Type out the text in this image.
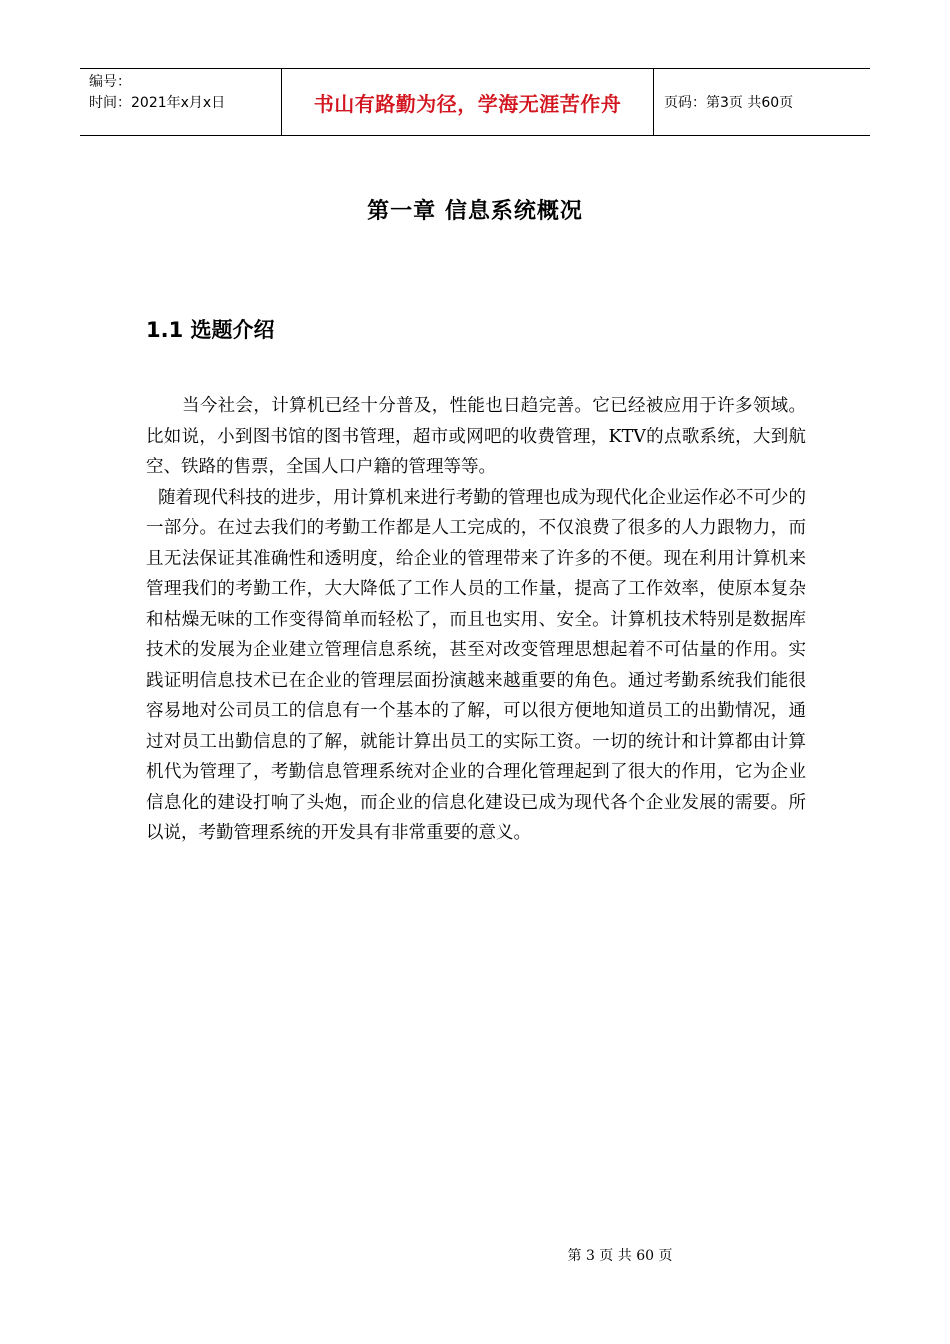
编号：
时间：2021年x月x日	书山有路勤为径，学海无涯苦作舟	页码：第3页 共60页
第一章 信息系统概况
1.1 选题介绍

当今社会，计算机已经十分普及，性能也日趋完善。它已经被应用于许多领域。比如说，小到图书馆的图书管理，超市或网吧的收费管理，KTV的点歌系统，大到航空、铁路的售票，全国人口户籍的管理等等。

随着现代科技的进步，用计算机来进行考勤的管理也成为现代化企业运作必不可少的一部分。在过去我们的考勤工作都是人工完成的，不仅浪费了很多的人力跟物力，而且无法保证其准确性和透明度，给企业的管理带来了许多的不便。现在利用计算机来管理我们的考勤工作，大大降低了工作人员的工作量，提高了工作效率，使原本复杂和枯燥无味的工作变得简单而轻松了，而且也实用、安全。计算机技术特别是数据库技术的发展为企业建立管理信息系统，甚至对改变管理思想起着不可估量的作用。实践证明信息技术已在企业的管理层面扮演越来越重要的角色。通过考勤系统我们能很容易地对公司员工的信息有一个基本的了解，可以很方便地知道员工的出勤情况，通过对员工出勤信息的了解，就能计算出员工的实际工资。一切的统计和计算都由计算机代为管理了，考勤信息管理系统对企业的合理化管理起到了很大的作用，它为企业信息化的建设打响了头炮，而企业的信息化建设已成为现代各个企业发展的需要。所以说，考勤管理系统的开发具有非常重要的意义。

第 3 页 共 60 页
